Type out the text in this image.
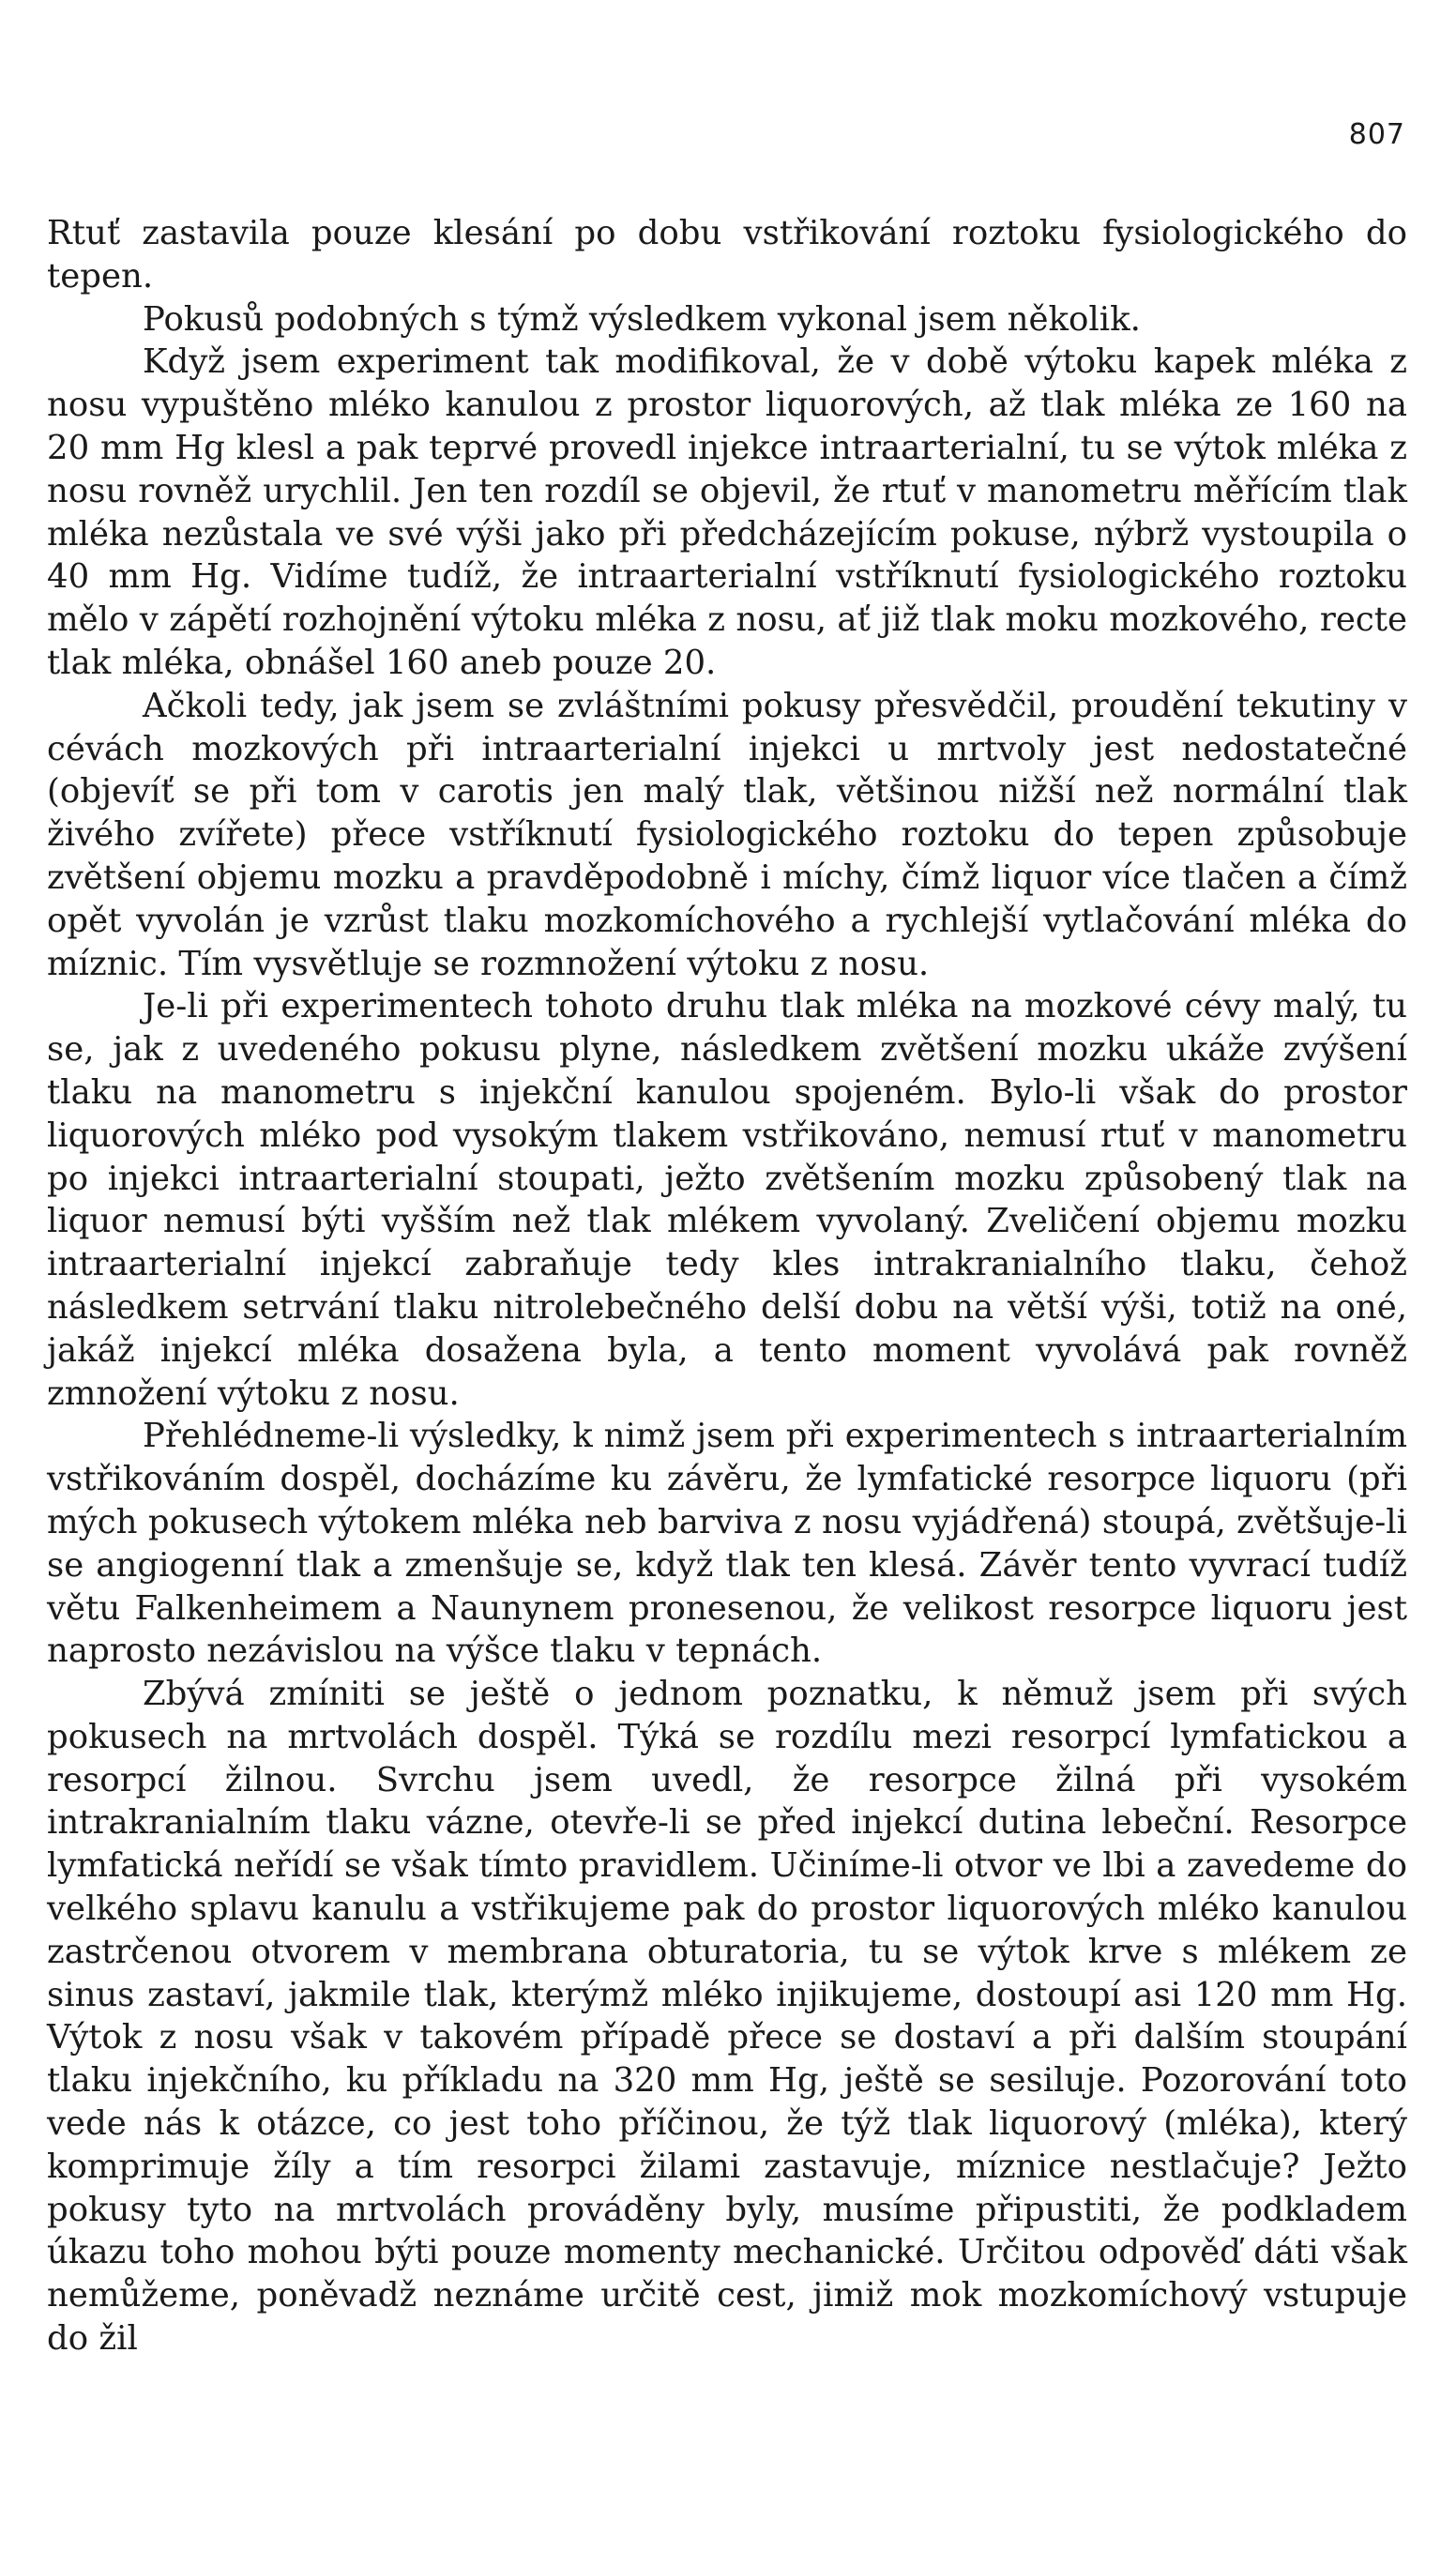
807

Rtuť zastavila pouze klesání po dobu vstřikování roztoku fysiologického do tepen.

Pokusů podobných s týmž výsledkem vykonal jsem několik.

Když jsem experiment tak modifikoval, že v době výtoku kapek mléka z nosu vypuštěno mléko kanulou z prostor liquorových, až tlak mléka ze 160 na 20 mm Hg klesl a pak teprvé provedl injekce intraarterialní, tu se výtok mléka z nosu rovněž urychlil. Jen ten rozdíl se objevil, že rtuť v manometru měřícím tlak mléka nezůstala ve své výši jako při předcházejícím pokuse, nýbrž vystoupila o 40 mm Hg. Vidíme tudíž, že intraarterialní vstříknutí fysiologického roztoku mělo v zápětí rozhojnění výtoku mléka z nosu, ať již tlak moku mozkového, recte tlak mléka, obnášel 160 aneb pouze 20.

Ačkoli tedy, jak jsem se zvláštními pokusy přesvědčil, proudění tekutiny v cévách mozkových při intraarterialní injekci u mrtvoly jest nedostatečné (objevíť se při tom v carotis jen malý tlak, většinou nižší než normální tlak živého zvířete) přece vstříknutí fysiologického roztoku do tepen způsobuje zvětšení objemu mozku a pravděpodobně i míchy, čímž liquor více tlačen a čímž opět vyvolán je vzrůst tlaku mozkomíchového a rychlejší vytlačování mléka do míznic. Tím vysvětluje se rozmnožení výtoku z nosu.

Je-li při experimentech tohoto druhu tlak mléka na mozkové cévy malý, tu se, jak z uvedeného pokusu plyne, následkem zvětšení mozku ukáže zvýšení tlaku na manometru s injekční kanulou spojeném. Bylo-li však do prostor liquorových mléko pod vysokým tlakem vstřikováno, nemusí rtuť v manometru po injekci intraarterialní stoupati, ježto zvětšením mozku způsobený tlak na liquor nemusí býti vyšším než tlak mlékem vyvolaný. Zveličení objemu mozku intraarterialní injekcí zabraňuje tedy kles intrakranialního tlaku, čehož následkem setrvání tlaku nitrolebečného delší dobu na větší výši, totiž na oné, jakáž injekcí mléka dosažena byla, a tento moment vyvolává pak rovněž zmnožení výtoku z nosu.

Přehlédneme-li výsledky, k nimž jsem při experimentech s intraarterialním vstřikováním dospěl, docházíme ku závěru, že lymfatické resorpce liquoru (při mých pokusech výtokem mléka neb barviva z nosu vyjádřená) stoupá, zvětšuje-li se angiogenní tlak a zmenšuje se, když tlak ten klesá. Závěr tento vyvrací tudíž větu Falkenheimem a Naunynem pronesenou, že velikost resorpce liquoru jest naprosto nezávislou na výšce tlaku v tepnách.

Zbývá zmíniti se ještě o jednom poznatku, k němuž jsem při svých pokusech na mrtvolách dospěl. Týká se rozdílu mezi resorpcí lymfatickou a resorpcí žilnou. Svrchu jsem uvedl, že resorpce žilná při vysokém intrakranialním tlaku vázne, otevře-li se před injekcí dutina lebeční. Resorpce lymfatická neřídí se však tímto pravidlem. Učiníme-li otvor ve lbi a zavedeme do velkého splavu kanulu a vstřikujeme pak do prostor liquorových mléko kanulou zastrčenou otvorem v membrana obturatoria, tu se výtok krve s mlékem ze sinus zastaví, jakmile tlak, kterýmž mléko injikujeme, dostoupí asi 120 mm Hg. Výtok z nosu však v takovém případě přece se dostaví a při dalším stoupání tlaku injekčního, ku příkladu na 320 mm Hg, ještě se sesiluje. Pozorování toto vede nás k otázce, co jest toho příčinou, že týž tlak liquorový (mléka), který komprimuje žíly a tím resorpci žilami zastavuje, míznice nestlačuje? Ježto pokusy tyto na mrtvolách prováděny byly, musíme připustiti, že podkladem úkazu toho mohou býti pouze momenty mechanické. Určitou odpověď dáti však nemůžeme, poněvadž neznáme určitě cest, jimiž mok mozkomíchový vstupuje do žil
